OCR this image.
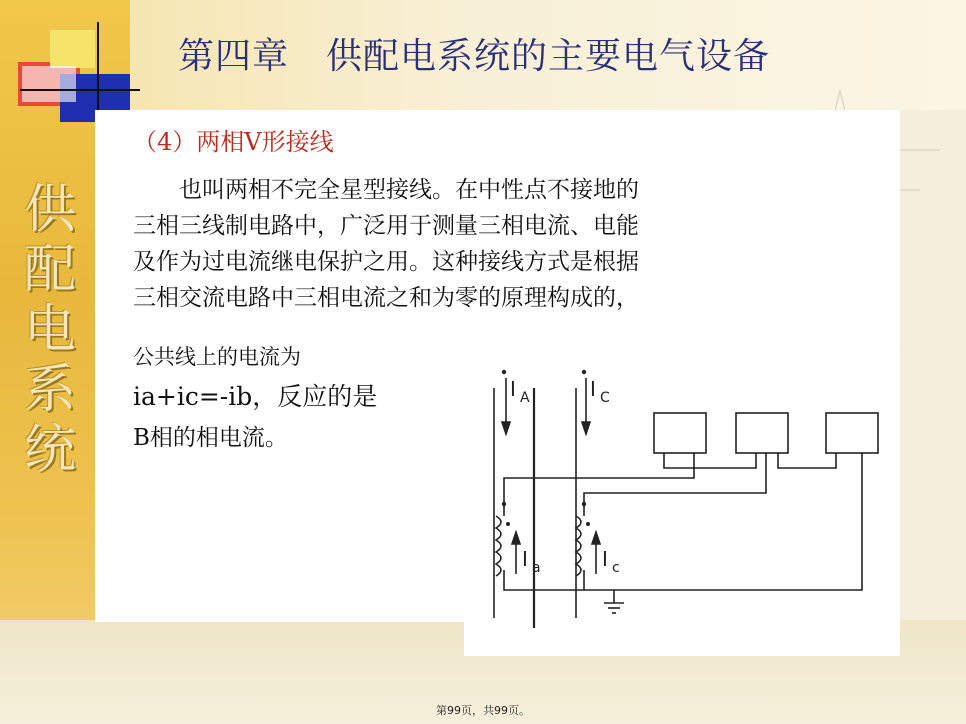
第四章　供配电系统的主要电气设备
供
配
电
系
统
（4）两相V形接线
　　也叫两相不完全星型接线。在中性点不接地的
三相三线制电路中，广泛用于测量三相电流、电能
及作为过电流继电保护之用。这种接线方式是根据
三相交流电路中三相电流之和为零的原理构成的，
公共线上的电流为
ia+ic=-ib，反应的是
B相的相电流。
I A	I C
I a	I c
第99页，共99页。
